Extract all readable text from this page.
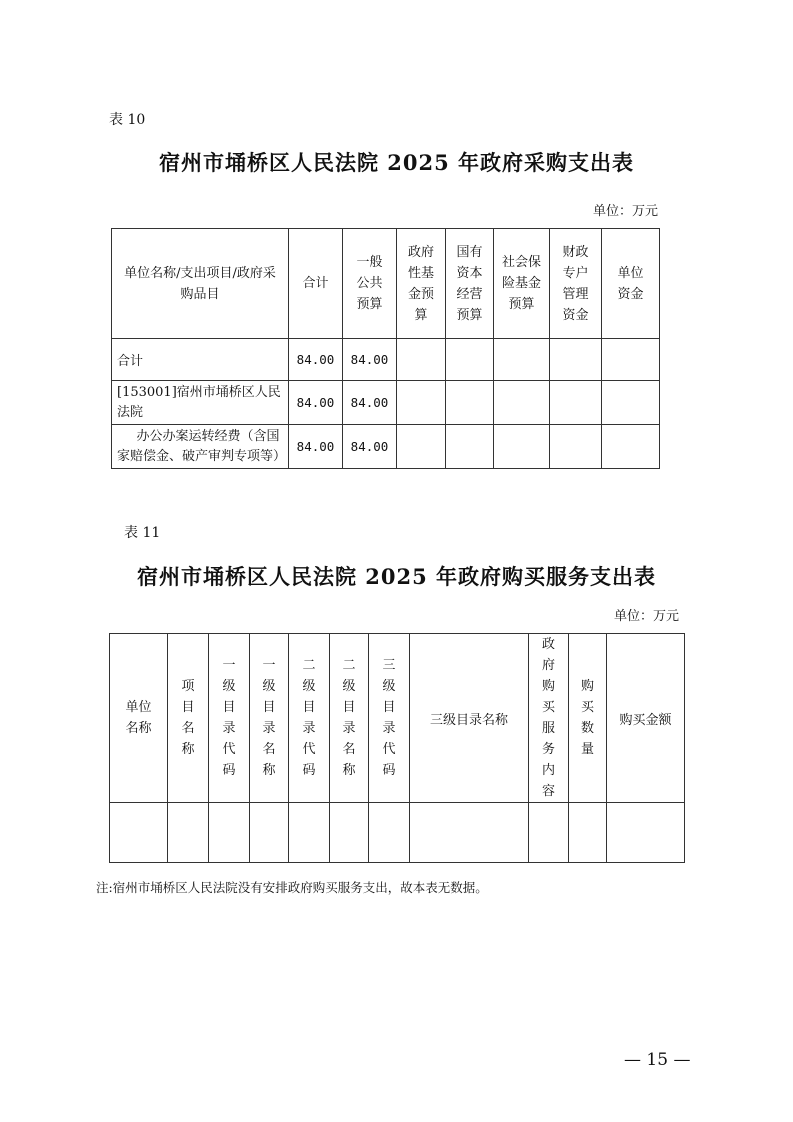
表 10
宿州市埇桥区人民法院 2025 年政府采购支出表
单位：万元
单位名称/支出项目/政府采购品目	合计	一般公共预算	政府性基金预算	国有资本经营预算	社会保险基金预算	财政专户管理资金	单位资金
合计	84.00	84.00					
[153001]宿州市埇桥区人民法院	84.00	84.00					
办公办案运转经费（含国家赔偿金、破产审判专项等）	84.00	84.00					
表 11
宿州市埇桥区人民法院 2025 年政府购买服务支出表
单位：万元
单位名称	项目名称	一级目录代码	一级目录名称	二级目录代码	二级目录名称	三级目录代码	三级目录名称	政府购买服务内容	购买数量	购买金额

注:宿州市埇桥区人民法院没有安排政府购买服务支出，故本表无数据。
— 15 —
